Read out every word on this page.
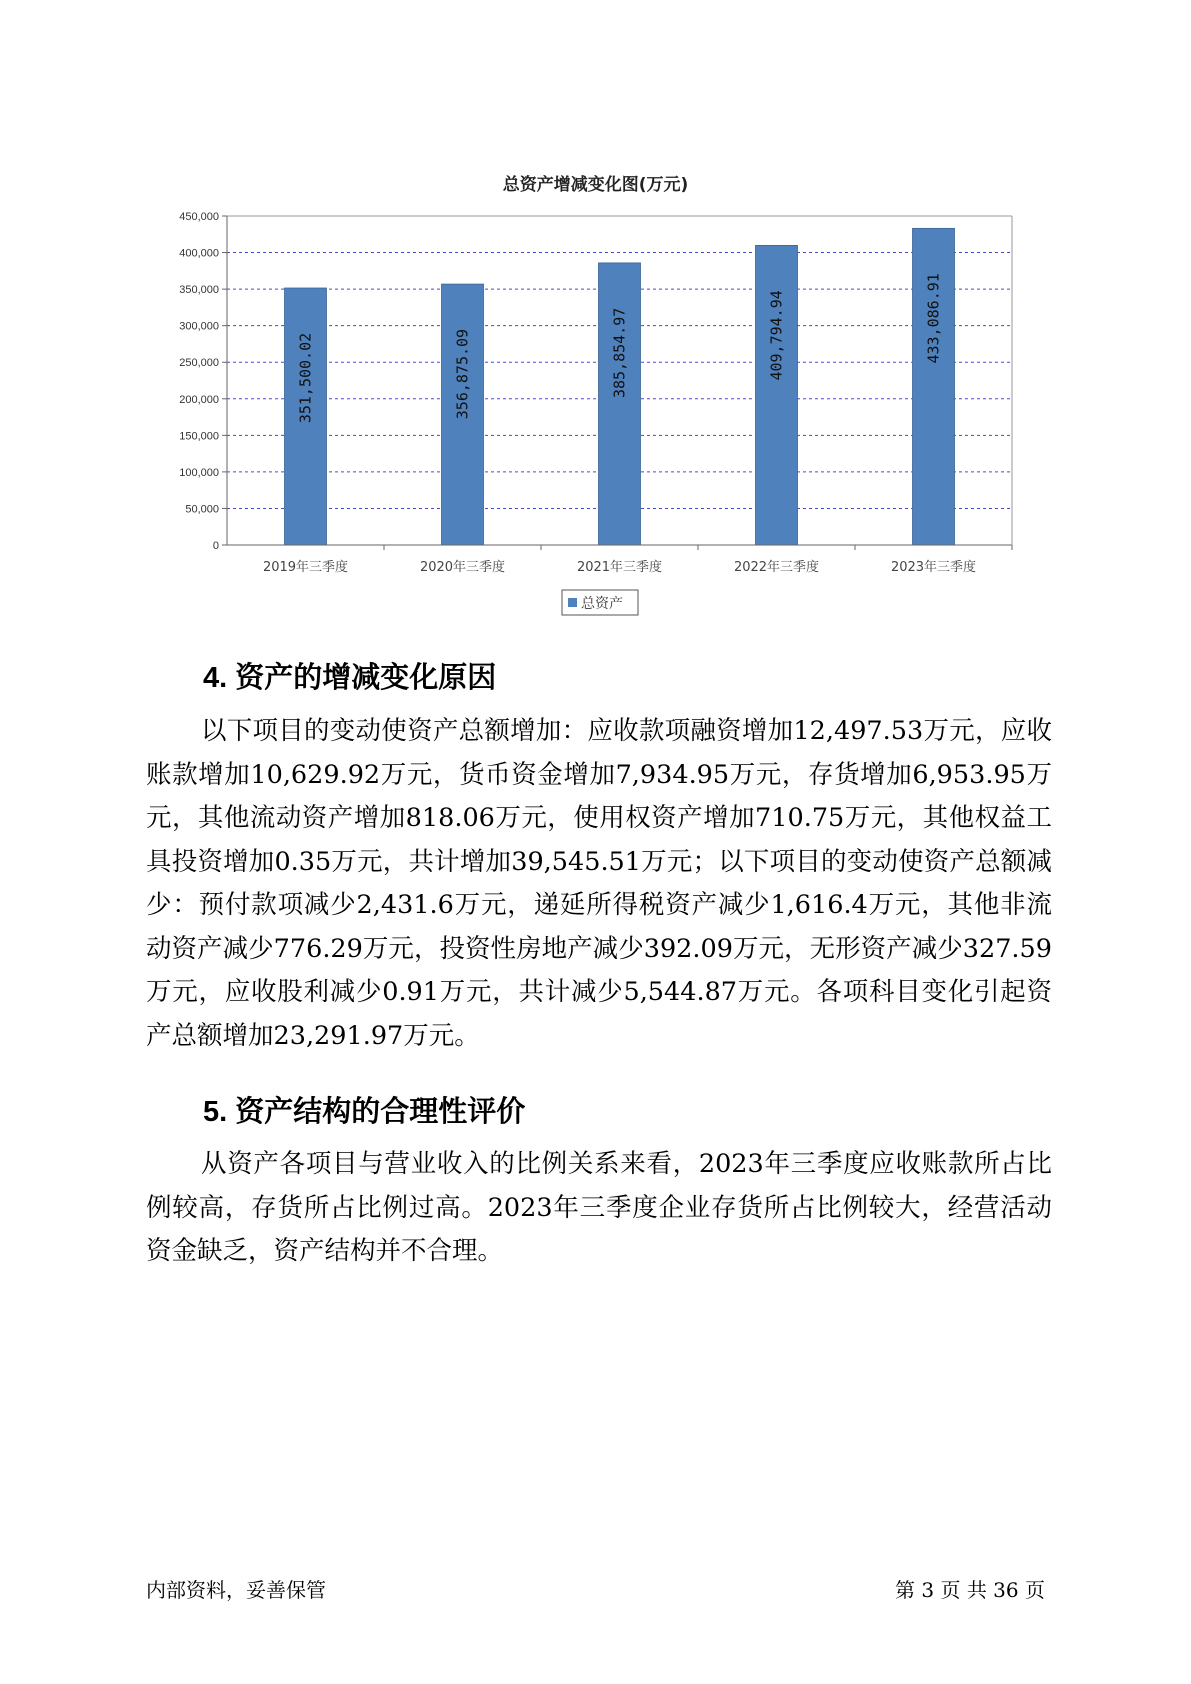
总资产增减变化图(万元)
0
50,000
100,000
150,000
200,000
250,000
300,000
350,000
400,000
450,000
351,500.02
2019年三季度
356,875.09
2020年三季度
385,854.97
2021年三季度
409,794.94
2022年三季度
433,086.91
2023年三季度
总资产
4. 资产的增减变化原因
以下项目的变动使资产总额增加：应收款项融资增加12,497.53万元，应收账款增加10,629.92万元，货币资金增加7,934.95万元，存货增加6,953.95万元，其他流动资产增加818.06万元，使用权资产增加710.75万元，其他权益工具投资增加0.35万元，共计增加39,545.51万元；以下项目的变动使资产总额减少：预付款项减少2,431.6万元，递延所得税资产减少1,616.4万元，其他非流动资产减少776.29万元，投资性房地产减少392.09万元，无形资产减少327.59万元，应收股利减少0.91万元，共计减少5,544.87万元。各项科目变化引起资产总额增加23,291.97万元。
5. 资产结构的合理性评价
从资产各项目与营业收入的比例关系来看，2023年三季度应收账款所占比例较高，存货所占比例过高。2023年三季度企业存货所占比例较大，经营活动资金缺乏，资产结构并不合理。
内部资料，妥善保管	第 3 页 共 36 页
